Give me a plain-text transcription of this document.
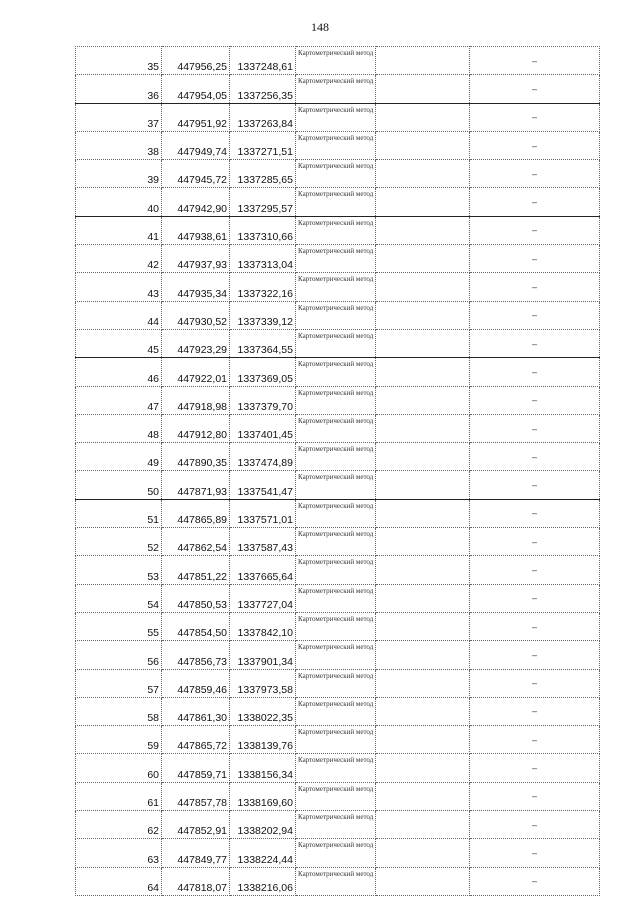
148
35	447956,25	1337248,61	Картометрический метод		–
36	447954,05	1337256,35	Картометрический метод		–
37	447951,92	1337263,84	Картометрический метод		–
38	447949,74	1337271,51	Картометрический метод		–
39	447945,72	1337285,65	Картометрический метод		–
40	447942,90	1337295,57	Картометрический метод		–
41	447938,61	1337310,66	Картометрический метод		–
42	447937,93	1337313,04	Картометрический метод		–
43	447935,34	1337322,16	Картометрический метод		–
44	447930,52	1337339,12	Картометрический метод		–
45	447923,29	1337364,55	Картометрический метод		–
46	447922,01	1337369,05	Картометрический метод		–
47	447918,98	1337379,70	Картометрический метод		–
48	447912,80	1337401,45	Картометрический метод		–
49	447890,35	1337474,89	Картометрический метод		–
50	447871,93	1337541,47	Картометрический метод		–
51	447865,89	1337571,01	Картометрический метод		–
52	447862,54	1337587,43	Картометрический метод		–
53	447851,22	1337665,64	Картометрический метод		–
54	447850,53	1337727,04	Картометрический метод		–
55	447854,50	1337842,10	Картометрический метод		–
56	447856,73	1337901,34	Картометрический метод		–
57	447859,46	1337973,58	Картометрический метод		–
58	447861,30	1338022,35	Картометрический метод		–
59	447865,72	1338139,76	Картометрический метод		–
60	447859,71	1338156,34	Картометрический метод		–
61	447857,78	1338169,60	Картометрический метод		–
62	447852,91	1338202,94	Картометрический метод		–
63	447849,77	1338224,44	Картометрический метод		–
64	447818,07	1338216,06	Картометрический метод		–
